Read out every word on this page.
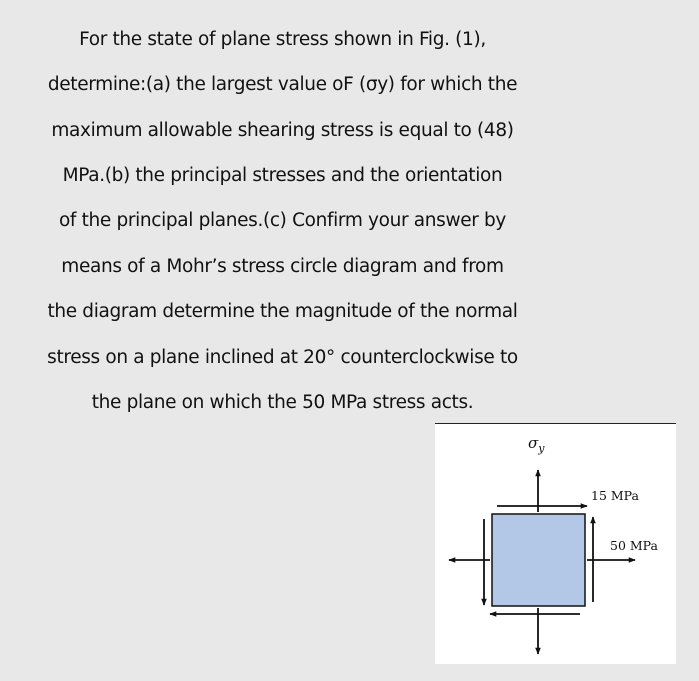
For the state of plane stress shown in Fig. (1),
determine:(a) the largest value oF (σy) for which the
maximum allowable shearing stress is equal to (48)
MPa.(b) the principal stresses and the orientation
of the principal planes.(c) Confirm your answer by
means of a Mohr’s stress circle diagram and from
the diagram determine the magnitude of the normal
stress on a plane inclined at 20° counterclockwise to
the plane on which the 50 MPa stress acts.
$\sigma_y$
15 MPa
50 MPa
